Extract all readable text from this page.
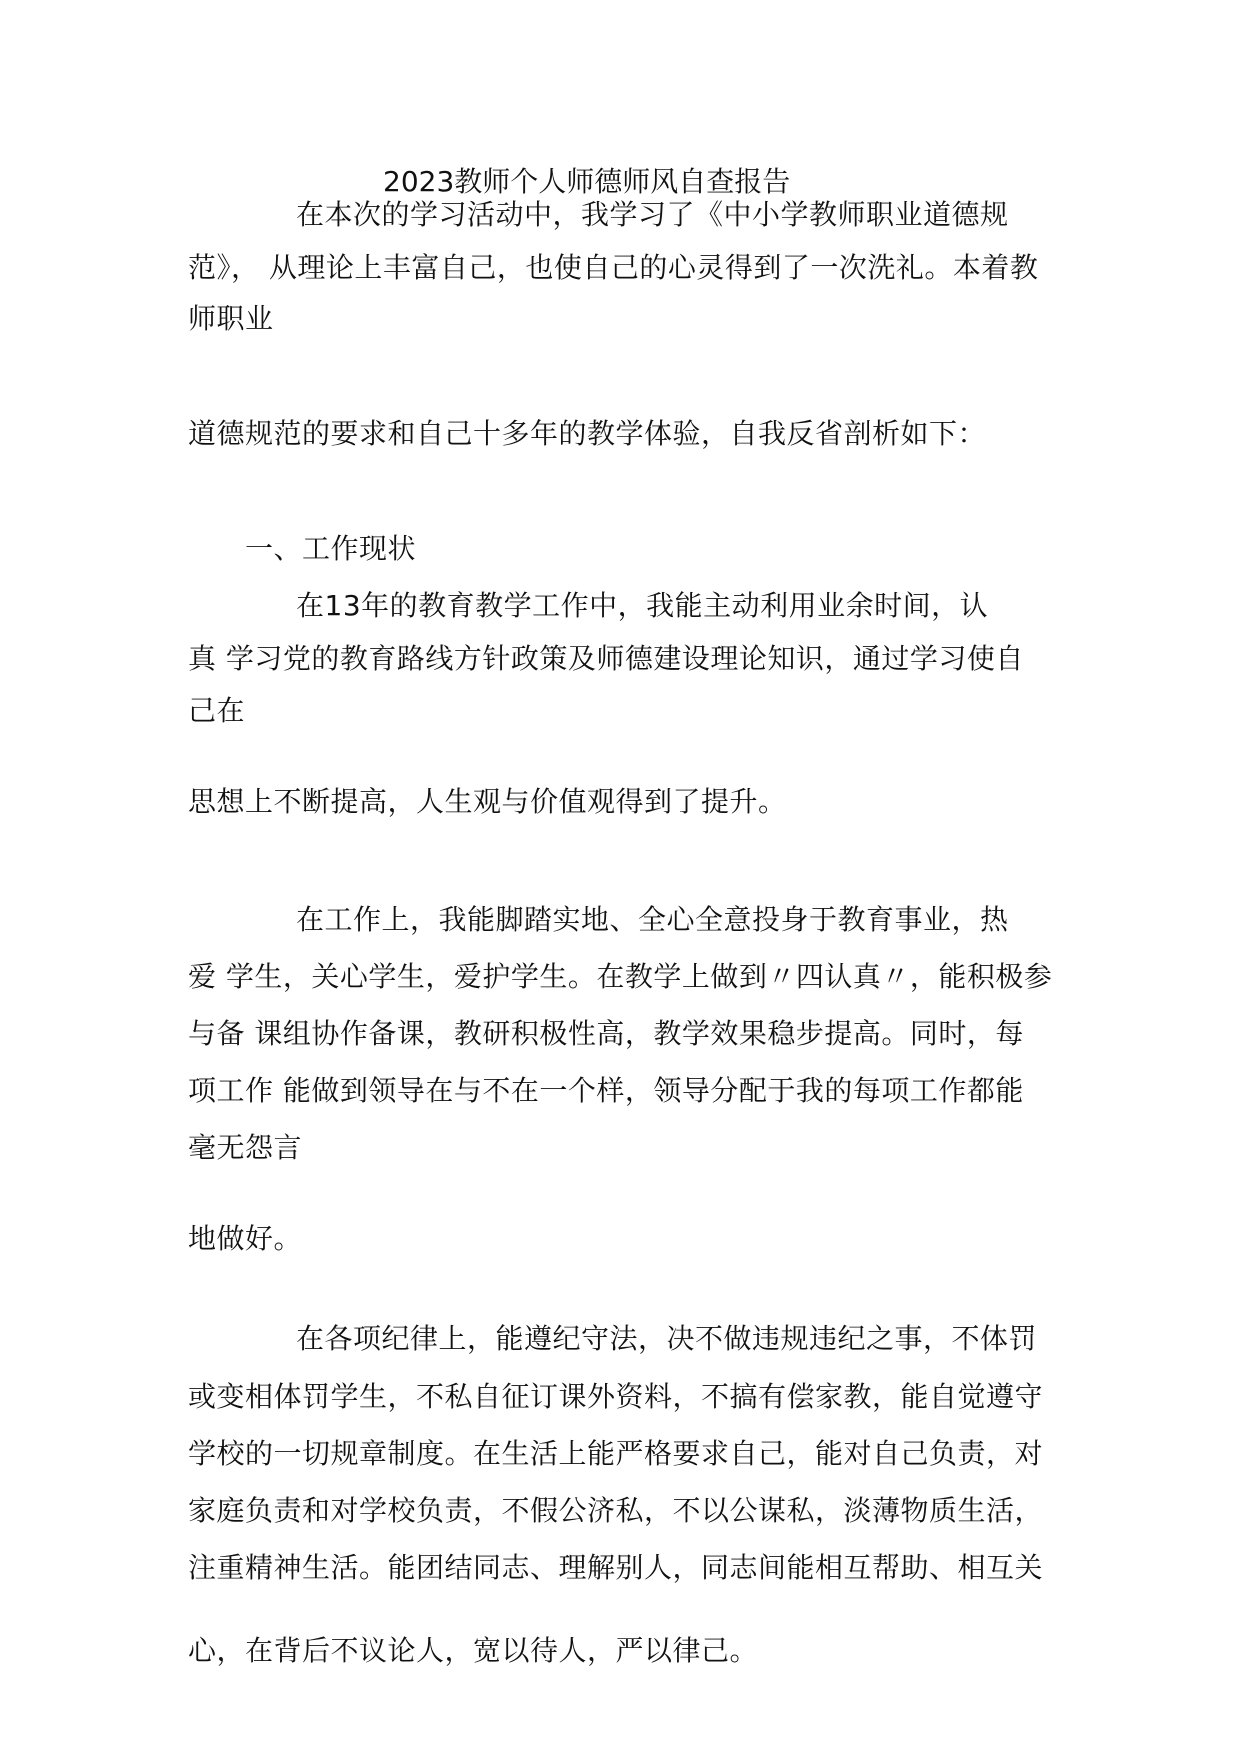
2023教师个人师德师风自查报告
在本次的学习活动中，我学习了《中小学教师职业道德规
范》， 从理论上丰富自己，也使自己的心灵得到了一次洗礼。本着教
师职业
道德规范的要求和自己十多年的教学体验，自我反省剖析如下：
一、工作现状
在13年的教育教学工作中，我能主动利用业余时间，认
真 学习党的教育路线方针政策及师德建设理论知识，通过学习使自
己在
思想上不断提高，人生观与价值观得到了提升。
在工作上，我能脚踏实地、全心全意投身于教育事业，热
爱 学生，关心学生，爱护学生。在教学上做到〃四认真〃，能积极参
与备 课组协作备课，教研积极性高，教学效果稳步提高。同时，每
项工作 能做到领导在与不在一个样，领导分配于我的每项工作都能
毫无怨言
地做好。
在各项纪律上，能遵纪守法，决不做违规违纪之事，不体罚
或变相体罚学生，不私自征订课外资料，不搞有偿家教，能自觉遵守
学校的一切规章制度。在生活上能严格要求自己，能对自己负责，对
家庭负责和对学校负责，不假公济私，不以公谋私，淡薄物质生活，
注重精神生活。能团结同志、理解别人，同志间能相互帮助、相互关
心，在背后不议论人，宽以待人，严以律己。
